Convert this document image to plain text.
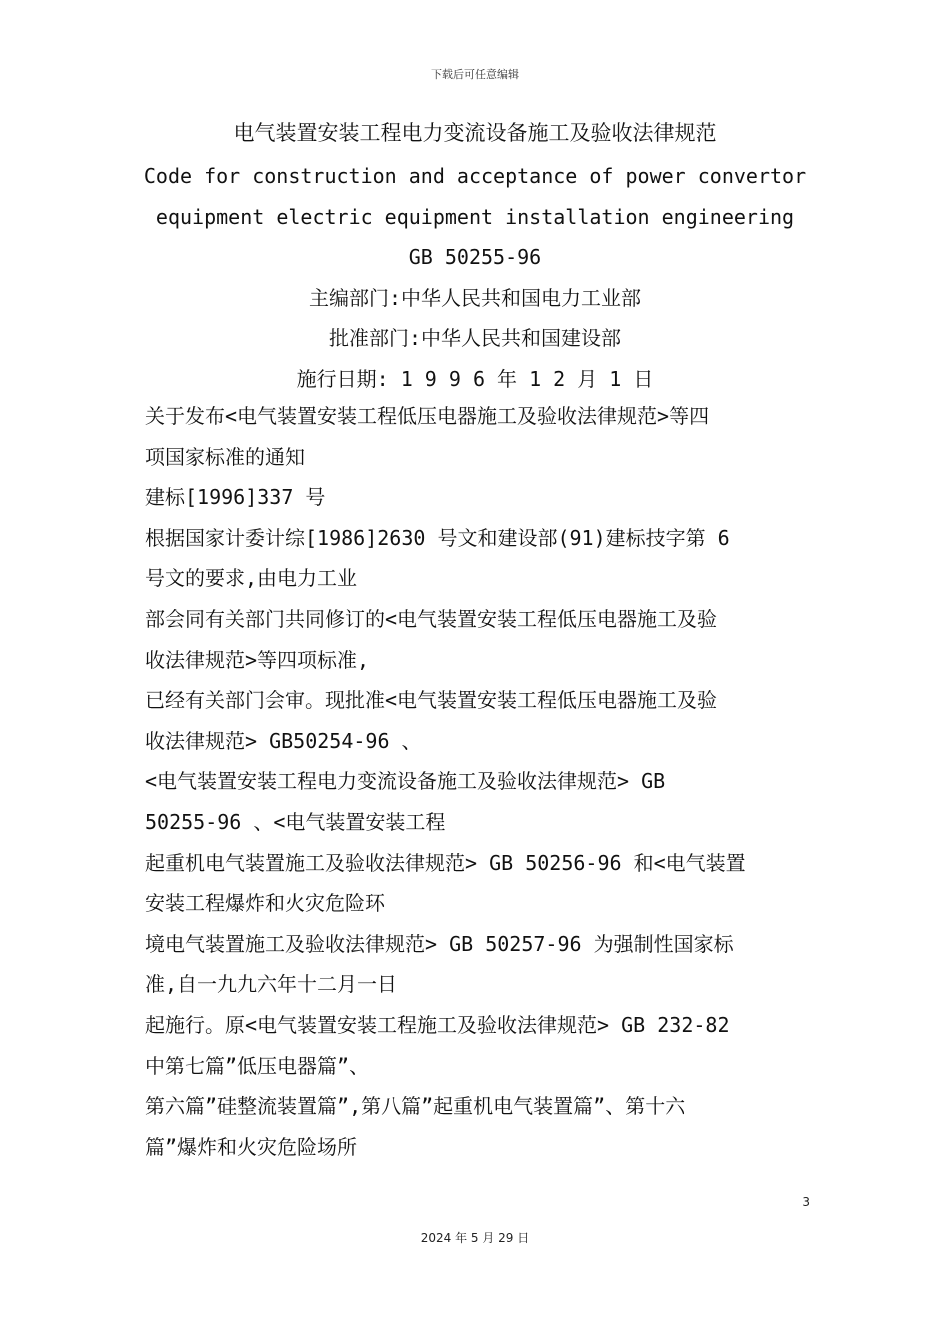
下载后可任意编辑
电气装置安装工程电力变流设备施工及验收法律规范
Code for construction and acceptance of power convertor
equipment electric equipment installation engineering
GB 50255-96
主编部门:中华人民共和国电力工业部
批准部门:中华人民共和国建设部
施行日期: 1 9 9 6 年 1 2 月 1 日
关于发布<电气装置安装工程低压电器施工及验收法律规范>等四
项国家标准的通知
建标[1996]337 号
根据国家计委计综[1986]2630 号文和建设部(91)建标技字第 6
号文的要求,由电力工业
部会同有关部门共同修订的<电气装置安装工程低压电器施工及验
收法律规范>等四项标准,
已经有关部门会审。现批准<电气装置安装工程低压电器施工及验
收法律规范> GB50254-96 、
<电气装置安装工程电力变流设备施工及验收法律规范> GB
50255-96 、<电气装置安装工程
起重机电气装置施工及验收法律规范> GB 50256-96 和<电气装置
安装工程爆炸和火灾危险环
境电气装置施工及验收法律规范> GB 50257-96 为强制性国家标
准,自一九九六年十二月一日
起施行。原<电气装置安装工程施工及验收法律规范> GB 232-82
中第七篇”低压电器篇”、
第六篇”硅整流装置篇”,第八篇”起重机电气装置篇”、第十六
篇”爆炸和火灾危险场所
3
2024 年 5 月 29 日
